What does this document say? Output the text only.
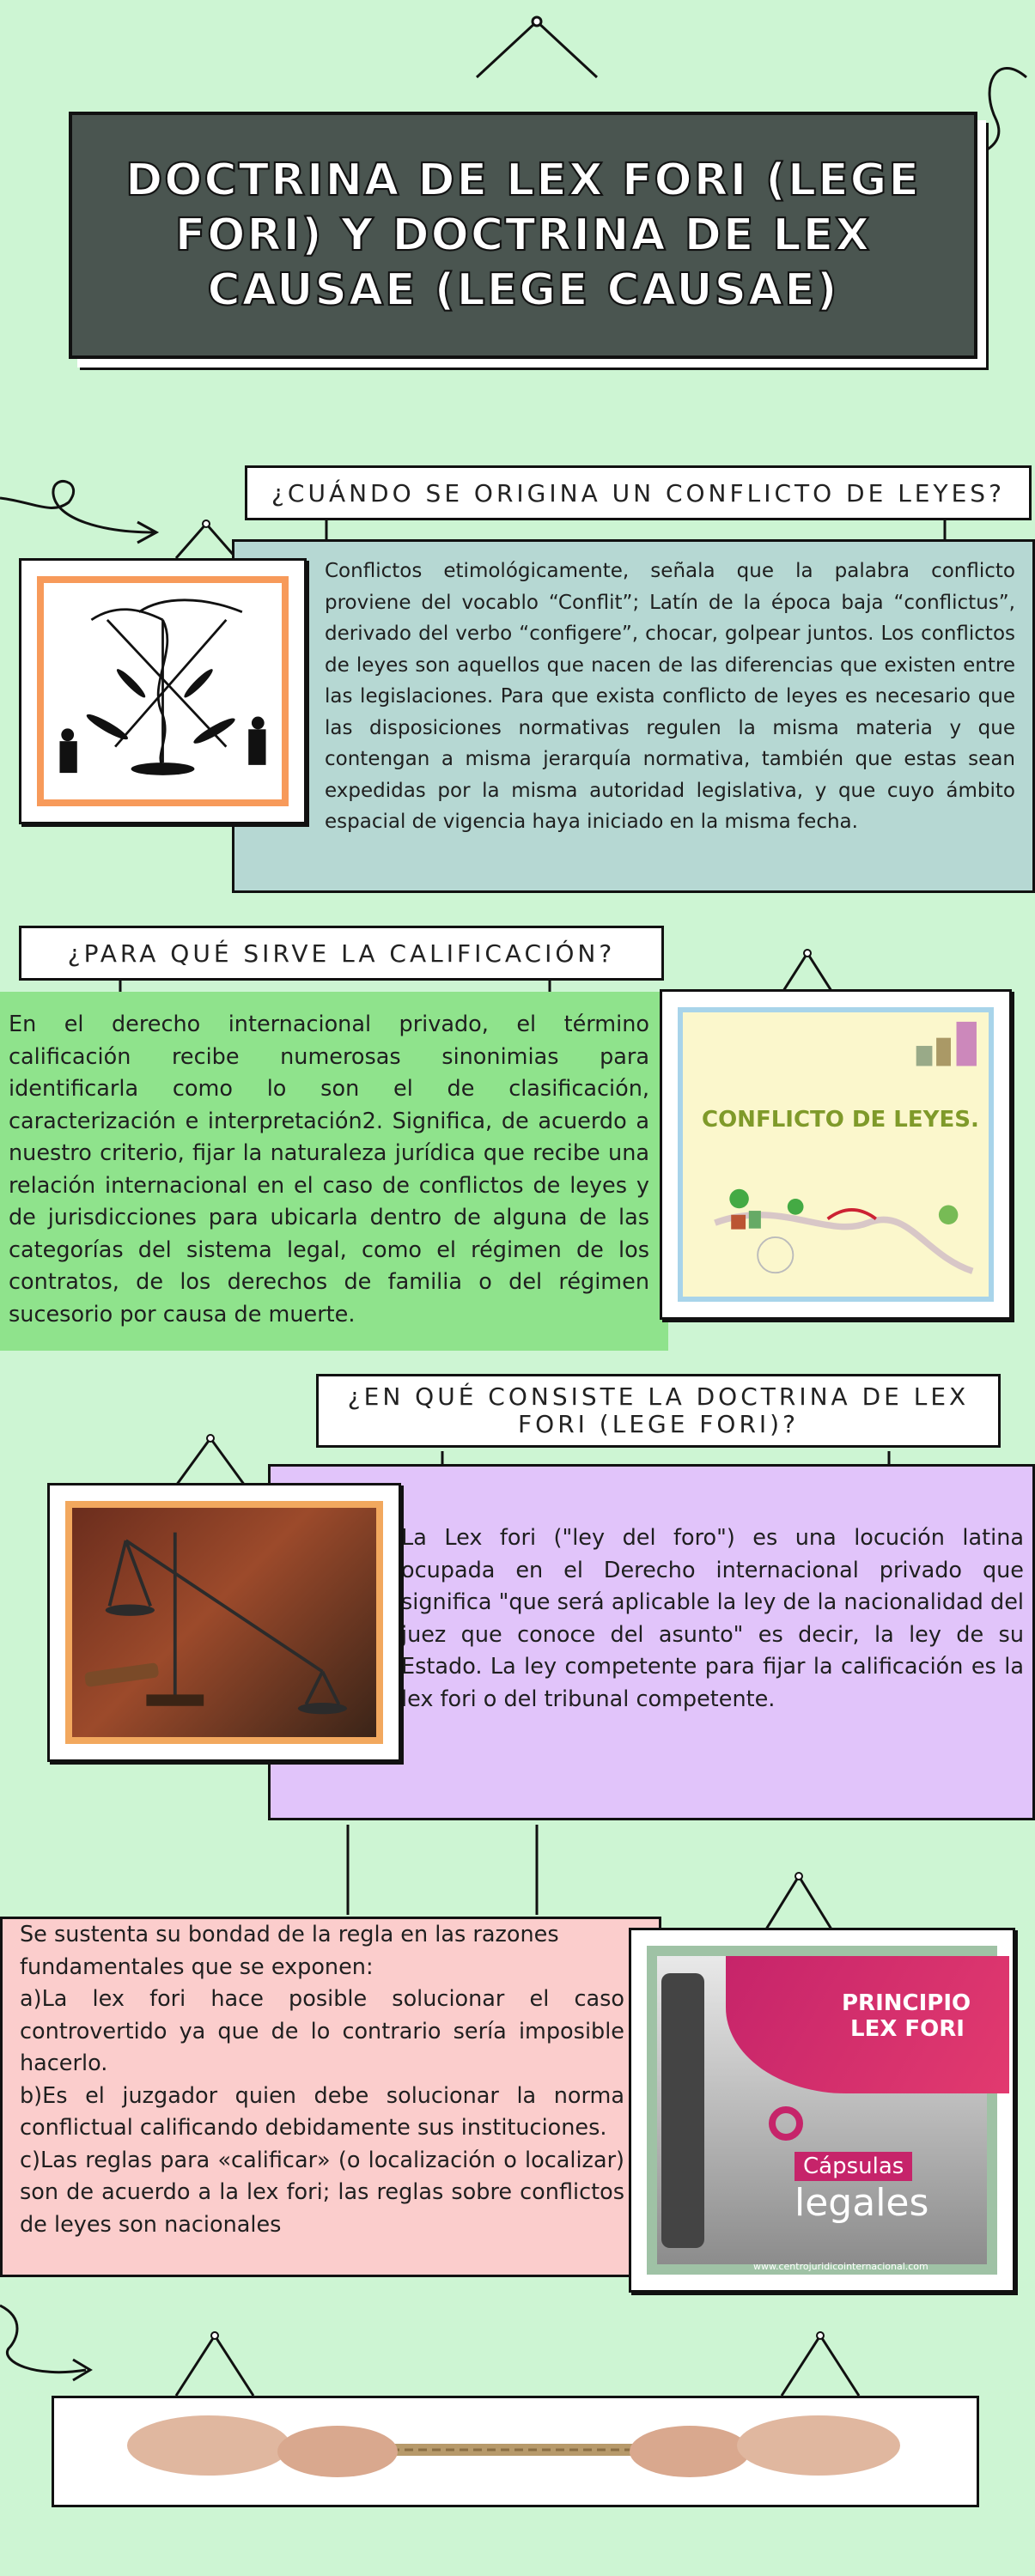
DOCTRINA DE LEX FORI (LEGE FORI) Y DOCTRINA DE LEX CAUSAE (LEGE CAUSAE)
¿CUÁNDO SE ORIGINA UN CONFLICTO DE LEYES?
Conflictos etimológicamente, señala que la palabra conflicto proviene del vocablo “Conflit”; Latín de la época baja “conflictus”, derivado del verbo “configere”, chocar, golpear juntos. Los conflictos de leyes son aquellos que nacen de las diferencias que existen entre las legislaciones. Para que exista conflicto de leyes es necesario que las disposiciones normativas regulen la misma materia y que contengan a misma jerarquía normativa, también que estas sean expedidas por la misma autoridad legislativa, y que cuyo ámbito espacial de vigencia haya iniciado en la misma fecha.
¿PARA QUÉ SIRVE LA CALIFICACIÓN?
En el derecho internacional privado, el término calificación recibe numerosas sinonimias para identificarla como lo son el de clasificación, caracterización e interpretación2. Significa, de acuerdo a nuestro criterio, fijar la naturaleza jurídica que recibe una relación internacional en el caso de conflictos de leyes y de jurisdicciones para ubicarla dentro de alguna de las categorías del sistema legal, como el régimen de los contratos, de los derechos de familia o del régimen sucesorio por causa de muerte.
CONFLICTO DE LEYES.
¿EN QUÉ CONSISTE LA DOCTRINA DE LEX FORI (LEGE FORI)?
La Lex fori ("ley del foro") es una locución latina ocupada en el Derecho internacional privado que significa "que será aplicable la ley de la nacionalidad del juez que conoce del asunto" es decir, la ley de su Estado. La ley competente para fijar la calificación es la lex fori o del tribunal competente.
Se sustenta su bondad de la regla en las razones fundamentales que se exponen:
a)La lex fori hace posible solucionar el caso controvertido ya que de lo contrario sería imposible hacerlo.
b)Es el juzgador quien debe solucionar la norma conflictual calificando debidamente sus instituciones.
c)Las reglas para «calificar» (o localización o localizar) son de acuerdo a la lex fori; las reglas sobre conflictos de leyes son nacionales
PRINCIPIO
LEX FORI
Cápsulas
legales
www.centrojuridicointernacional.com
